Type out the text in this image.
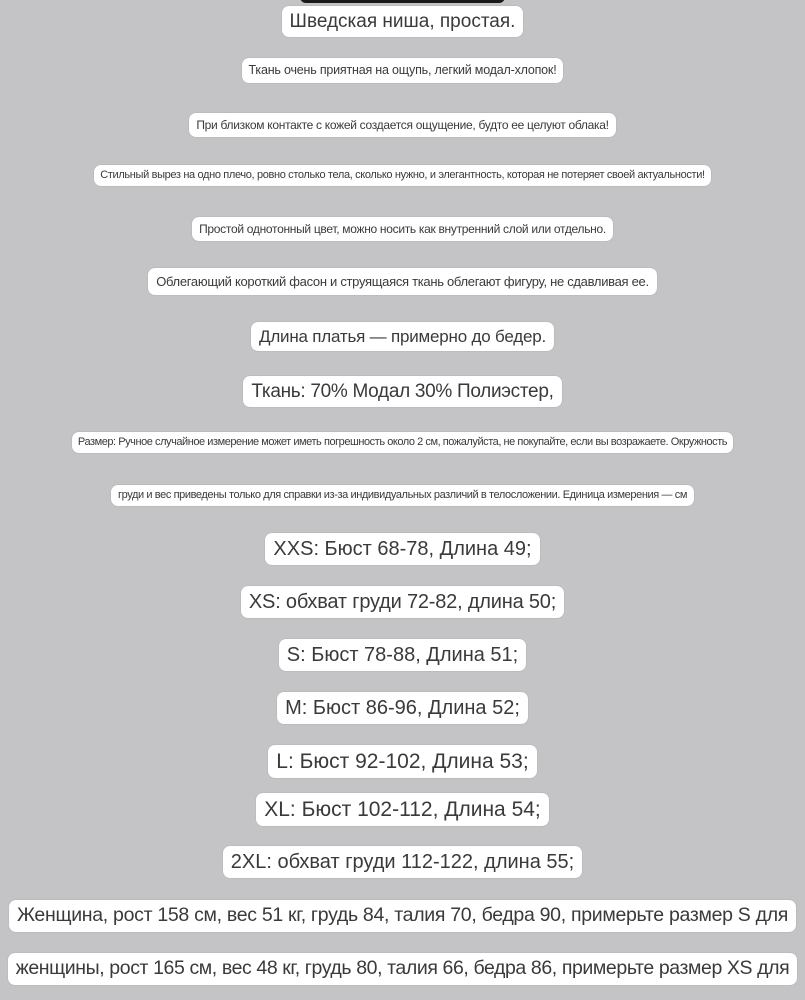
Шведская ниша, простая.
Ткань очень приятная на ощупь, легкий модал-хлопок!
При близком контакте с кожей создается ощущение, будто ее целуют облака!
Стильный вырез на одно плечо, ровно столько тела, сколько нужно, и элегантность, которая не потеряет своей актуальности!
Простой однотонный цвет, можно носить как внутренний слой или отдельно.
Облегающий короткий фасон и струящаяся ткань облегают фигуру, не сдавливая ее.
Длина платья — примерно до бедер.
Ткань: 70% Модал 30% Полиэстер,
Размер: Ручное случайное измерение может иметь погрешность около 2 см, пожалуйста, не покупайте, если вы возражаете. Окружность
груди и вес приведены только для справки из-за индивидуальных различий в телосложении. Единица измерения — см
XXS: Бюст 68-78, Длина 49;
XS: обхват груди 72-82, длина 50;
S: Бюст 78-88, Длина 51;
M: Бюст 86-96, Длина 52;
L: Бюст 92-102, Длина 53;
XL: Бюст 102-112, Длина 54;
2XL: обхват груди 112-122, длина 55;
Женщина, рост 158 см, вес 51 кг, грудь 84, талия 70, бедра 90, примерьте размер S для
женщины, рост 165 см, вес 48 кг, грудь 80, талия 66, бедра 86, примерьте размер XS для
